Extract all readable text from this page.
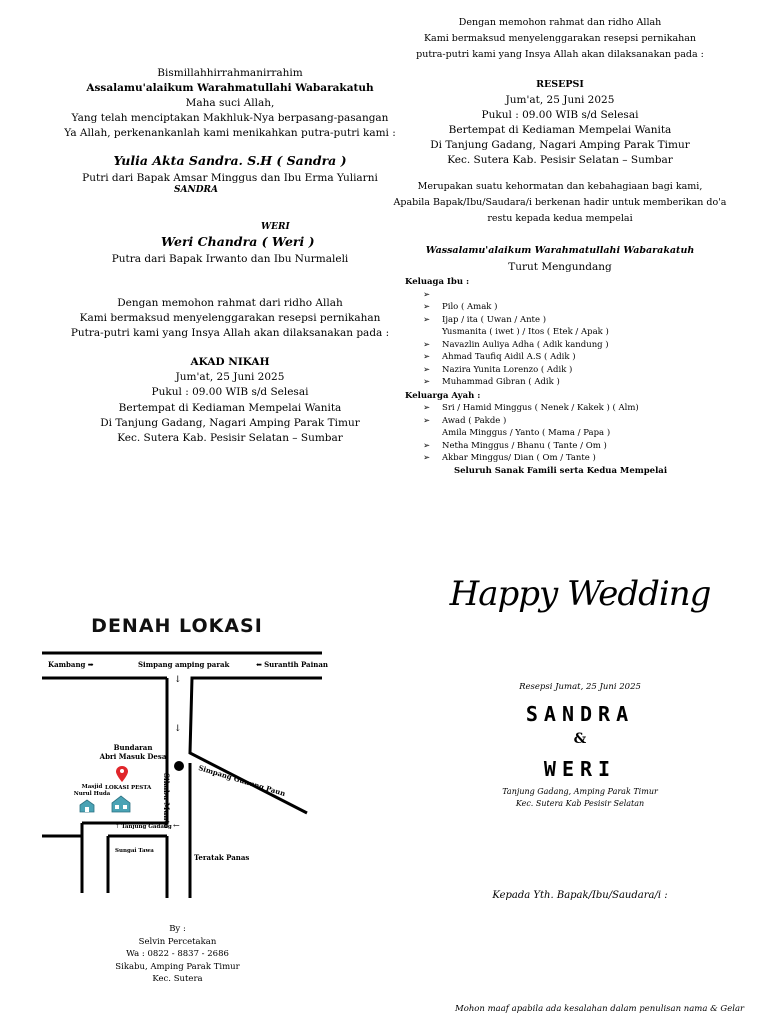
Bismillahhirrahmanirrahim
Assalamu'alaikum Warahmatullahi Wabarakatuh
Maha suci Allah,
Yang telah menciptakan Makhluk-Nya berpasang-pasangan
Ya Allah, perkenankanlah kami menikahkan putra-putri kami :
Yulia Akta Sandra. S.H ( Sandra )
Putri dari Bapak Amsar Minggus dan Ibu Erma Yuliarni
SANDRA
WERI
Weri Chandra ( Weri )
Putra dari Bapak Irwanto dan Ibu Nurmaleli
Dengan memohon rahmat dari ridho Allah
Kami bermaksud menyelenggarakan resepsi pernikahan
Putra-putri kami yang Insya Allah akan dilaksanakan pada :
AKAD NIKAH
Jum'at, 25 Juni 2025
Pukul : 09.00 WIB s/d Selesai
Bertempat di Kediaman Mempelai Wanita
Di Tanjung Gadang, Nagari Amping Parak Timur
Kec. Sutera Kab. Pesisir Selatan – Sumbar
Dengan memohon rahmat dan ridho Allah
Kami bermaksud menyelenggarakan resepsi pernikahan
putra-putri kami yang Insya Allah akan dilaksanakan pada :
RESEPSI
Jum'at, 25 Juni 2025
Pukul : 09.00 WIB s/d Selesai
Bertempat di Kediaman Mempelai Wanita
Di Tanjung Gadang, Nagari Amping Parak Timur
Kec. Sutera Kab. Pesisir Selatan – Sumbar
Merupakan suatu kehormatan dan kebahagiaan bagi kami,
Apabila Bapak/Ibu/Saudara/i berkenan hadir untuk memberikan do'a
restu kepada kedua mempelai
Wassalamu'alaikum Warahmatullahi Wabarakatuh
Turut Mengundang
Keluaga Ibu :
➢
➢ Pilo ( Amak )
➢ Ijap / ita ( Uwan / Ante )
Yusmanita ( iwet ) / Itos ( Etek / Apak )
➢ Navazlin Auliya Adha ( Adik kandung )
➢ Ahmad Taufiq Aidil A.S ( Adik )
➢ Nazira Yunita Lorenzo ( Adik )
➢ Muhammad Gibran ( Adik )
Keluarga Ayah :
➢ Sri / Hamid Minggus ( Nenek / Kakek ) ( Alm)
➢ Awad ( Pakde )
Amila Minggus / Yanto ( Mama / Papa )
➢ Netha Minggus / Bhanu ( Tante / Om )
➢ Akbar Minggus/ Dian ( Om / Tante )
Seluruh Sanak Famili serta Kedua Mempelai
DENAH LOKASI
Kambang ➡	Simpang amping parak	⬅ Surantih Painan
↓
↓
Bundaran
Abri Masuk Desa
Simpang Gunung Paun
Sikabu Munto
Masjid
Nurul Huda
LOKASI PESTA
↑ Tanjung Gadang ←
Sungai Tawa
Teratak Panas
By :
Selvin Percetakan
Wa : 0822 - 8837 - 2686
Sikabu, Amping Parak Timur
Kec. Sutera
Happy Wedding
Resepsi Jumat, 25 Juni 2025
SANDRA
&
WERI
Tanjung Gadang, Amping Parak Timur
Kec. Sutera Kab Pesisir Selatan
Kepada Yth. Bapak/Ibu/Saudara/i :
Mohon maaf apabila ada kesalahan dalam penulisan nama & Gelar
